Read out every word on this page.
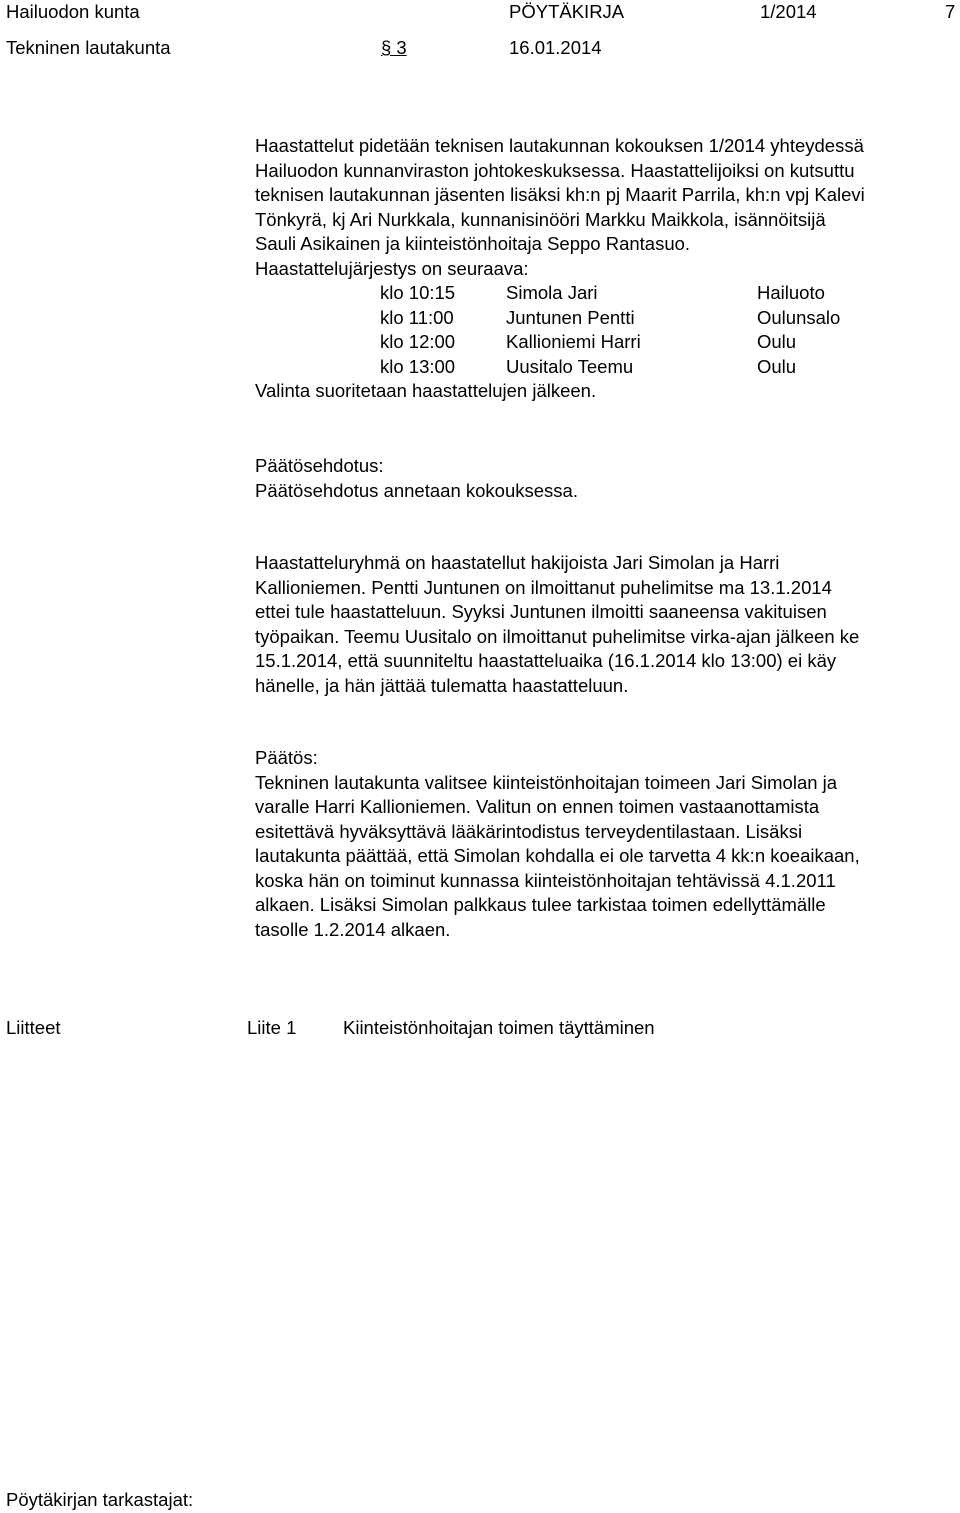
Hailuodon kunta	PÖYTÄKIRJA	1/2014	7
Tekninen lautakunta	§ 3	16.01.2014

Haastattelut pidetään teknisen lautakunnan kokouksen 1/2014 yhteydessä

Hailuodon kunnanviraston johtokeskuksessa. Haastattelijoiksi on kutsuttu

teknisen lautakunnan jäsenten lisäksi kh:n pj Maarit Parrila, kh:n vpj Kalevi

Tönkyrä, kj Ari Nurkkala, kunnanisinööri Markku Maikkola, isännöitsijä

Sauli Asikainen ja kiinteistönhoitaja Seppo Rantasuo.

Haastattelujärjestys on seuraava:

klo 10:15	Simola Jari	Hailuoto
klo 11:00	Juntunen Pentti	Oulunsalo
klo 12:00	Kallioniemi Harri	Oulu
klo 13:00	Uusitalo Teemu	Oulu
Valinta suoritetaan haastattelujen jälkeen.

Päätösehdotus:

Päätösehdotus annetaan kokouksessa.

Haastatteluryhmä on haastatellut hakijoista Jari Simolan ja Harri

Kallioniemen. Pentti Juntunen on ilmoittanut puhelimitse ma 13.1.2014

ettei tule haastatteluun. Syyksi Juntunen ilmoitti saaneensa vakituisen

työpaikan. Teemu Uusitalo on ilmoittanut puhelimitse virka-ajan jälkeen ke

15.1.2014, että suunniteltu haastatteluaika (16.1.2014 klo 13:00) ei käy

hänelle, ja hän jättää tulematta haastatteluun.

Päätös:

Tekninen lautakunta valitsee kiinteistönhoitajan toimeen Jari Simolan ja

varalle Harri Kallioniemen. Valitun on ennen toimen vastaanottamista

esitettävä hyväksyttävä lääkärintodistus terveydentilastaan. Lisäksi

lautakunta päättää, että Simolan kohdalla ei ole tarvetta 4 kk:n koeaikaan,

koska hän on toiminut kunnassa kiinteistönhoitajan tehtävissä 4.1.2011

alkaen. Lisäksi Simolan palkkaus tulee tarkistaa toimen edellyttämälle

tasolle 1.2.2014 alkaen.

Liitteet	Liite 1	Kiinteistönhoitajan toimen täyttäminen
Pöytäkirjan tarkastajat:
